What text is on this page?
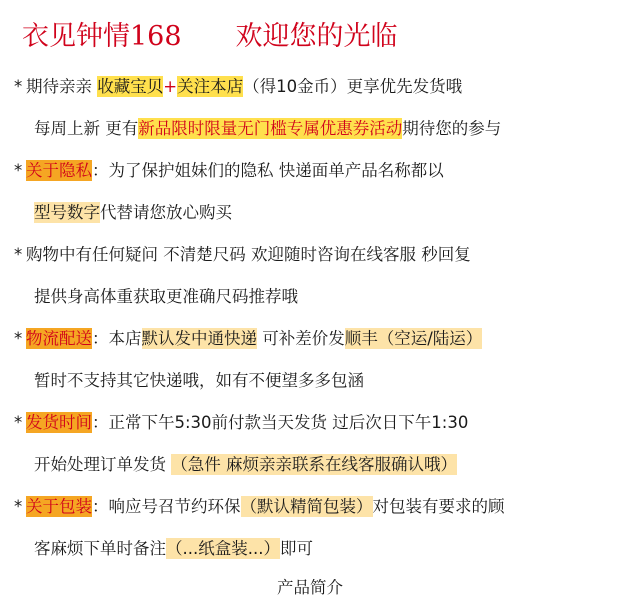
衣见钟情168 欢迎您的光临
* 期待亲亲 收藏宝贝+关注本店（得10金币）更享优先发货哦
每周上新 更有新品限时限量无门槛专属优惠券活动期待您的参与
* 关于隐私：为了保护姐妹们的隐私 快递面单产品名称都以
型号数字代替请您放心购买
* 购物中有任何疑问 不清楚尺码 欢迎随时咨询在线客服 秒回复
提供身高体重获取更准确尺码推荐哦
* 物流配送：本店默认发中通快递 可补差价发顺丰（空运/陆运）
暂时不支持其它快递哦，如有不便望多多包涵
* 发货时间：正常下午5:30前付款当天发货 过后次日下午1:30
开始处理订单发货 （急件 麻烦亲亲联系在线客服确认哦）
* 关于包装：响应号召节约环保（默认精简包装）对包装有要求的顾
客麻烦下单时备注（...纸盒装...）即可
产品简介
